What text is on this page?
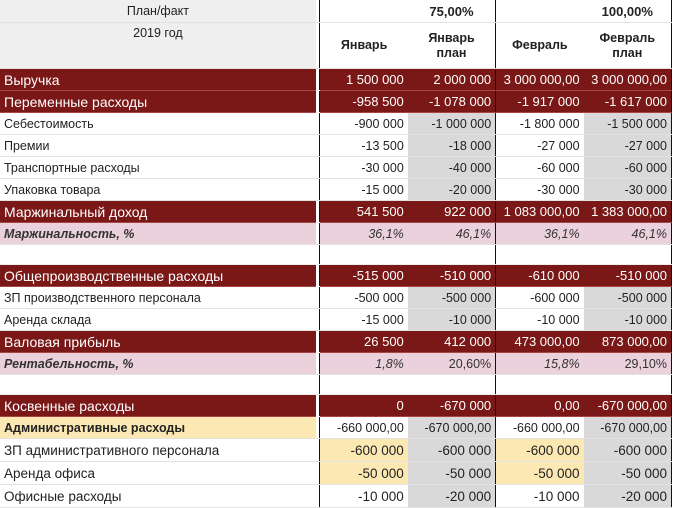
План/факт			75,00%		100,00%
2019 год		Январь	Январь план	Февраль	Февраль план
Выручка		1 500 000	2 000 000	3 000 000,00	3 000 000,00
Переменные расходы		-958 500	-1 078 000	-1 917 000	-1 617 000
Себестоимость		-900 000	-1 000 000	-1 800 000	-1 500 000
Премии		-13 500	-18 000	-27 000	-27 000
Транспортные расходы		-30 000	-40 000	-60 000	-60 000
Упаковка товара		-15 000	-20 000	-30 000	-30 000
Маржинальный доход		541 500	922 000	1 083 000,00	1 383 000,00
Маржинальность, %		36,1%	46,1%	36,1%	46,1%

Общепроизводственные расходы		-515 000	-510 000	-610 000	-510 000
ЗП производственного персонала		-500 000	-500 000	-600 000	-500 000
Аренда склада		-15 000	-10 000	-10 000	-10 000
Валовая прибыль		26 500	412 000	473 000,00	873 000,00
Рентабельность, %		1,8%	20,60%	15,8%	29,10%

Косвенные расходы		0	-670 000	0,00	-670 000,00
Административные расходы		-660 000,00	-670 000,00	-660 000,00	-670 000,00
ЗП административного персонала		-600 000	-600 000	-600 000	-600 000
Аренда офиса		-50 000	-50 000	-50 000	-50 000
Офисные расходы		-10 000	-20 000	-10 000	-20 000
